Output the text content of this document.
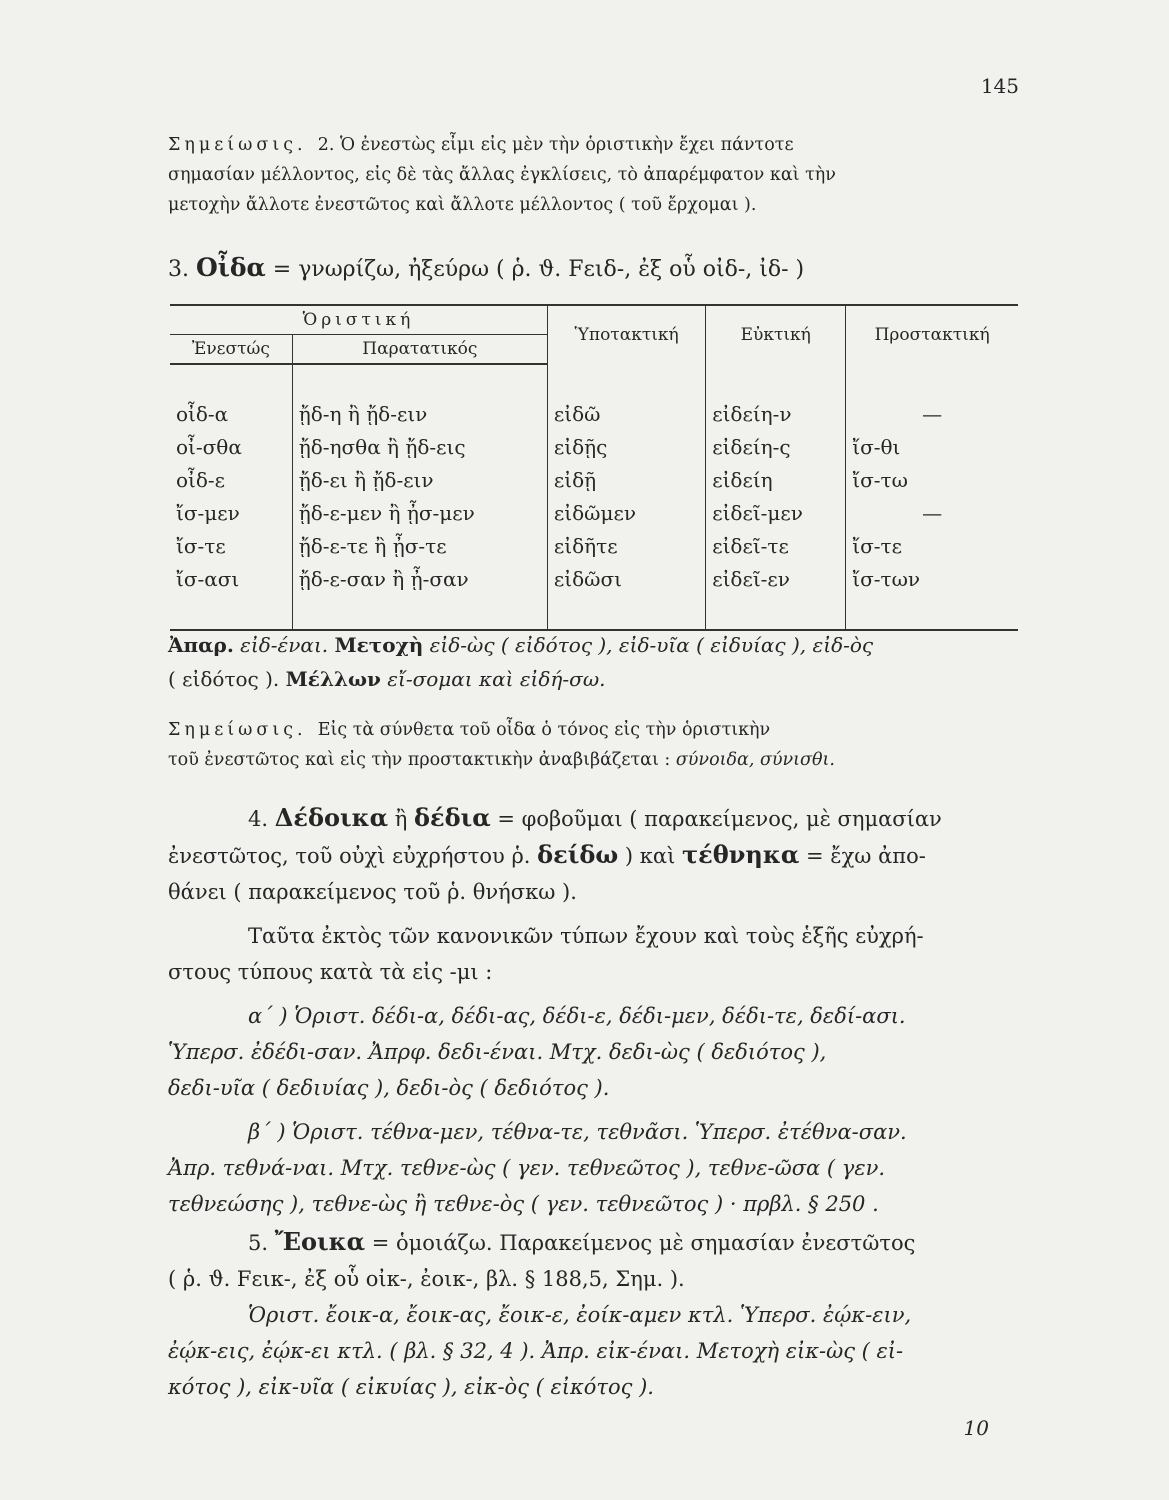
145

Σημείωσις. 2. Ὁ ἐνεστὼς εἶμι εἰς μὲν τὴν ὁριστικὴν ἔχει πάντοτε

σημασίαν μέλλοντος, εἰς δὲ τὰς ἄλλας ἐγκλίσεις, τὸ ἀπαρέμφατον καὶ τὴν

μετοχὴν ἄλλοτε ἐνεστῶτος καὶ ἄλλοτε μέλλοντος ( τοῦ ἔρχομαι ).

3. Οἶδα = γνωρίζω, ἠξεύρω ( ῥ. ϑ. Fειδ-, ἐξ οὗ οἰδ-, ἰδ- )
Ὁριστική		Ὑποτακτική	Εὐκτική	Προστακτική
Ἐνεστώς	Παρατατικός			

οἶδ-α	ᾔδ-η ἢ ᾔδ-ειν	εἰδῶ	εἰδείη-ν	—
οἶ-σθα	ᾔδ-ησθα ἢ ᾔδ-εις	εἰδῇς	εἰδείη-ς	ἴσ-θι
οἶδ-ε	ᾔδ-ει ἢ ᾔδ-ειν	εἰδῇ	εἰδείη	ἴσ-τω
ἴσ-μεν	ᾔδ-ε-μεν ἢ ᾖσ-μεν	εἰδῶμεν	εἰδεῖ-μεν	—
ἴσ-τε	ᾔδ-ε-τε ἢ ᾖσ-τε	εἰδῆτε	εἰδεῖ-τε	ἴσ-τε
ἴσ-ασι	ᾔδ-ε-σαν ἢ ᾖ-σαν	εἰδῶσι	εἰδεῖ-εν	ἴσ-των

Ἀπαρ. εἰδ-έναι. Μετοχὴ εἰδ-ὼς ( εἰδότος ), εἰδ-υῖα ( εἰδυίας ), εἰδ-ὸς
( εἰδότος ). Μέλλων εἴ-σομαι καὶ εἰδή-σω.

Σημείωσις. Εἰς τὰ σύνθετα τοῦ οἶδα ὁ τόνος εἰς τὴν ὁριστικὴν

τοῦ ἐνεστῶτος καὶ εἰς τὴν προστακτικὴν ἀναβιβάζεται : σύνοιδα, σύνισθι.

4. Δέδοικα ἢ δέδια = φοβοῦμαι ( παρακείμενος, μὲ σημασίαν

ἐνεστῶτος, τοῦ οὐχὶ εὐχρήστου ῥ. δείδω ) καὶ τέθνηκα = ἔχω ἀπο-

θάνει ( παρακείμενος τοῦ ῥ. θνήσκω ).

Ταῦτα ἐκτὸς τῶν κανονικῶν τύπων ἔχουν καὶ τοὺς ἑξῆς εὐχρή-

στους τύπους κατὰ τὰ εἰς -μι :

α΄ ) Ὁριστ. δέδι-α, δέδι-ας, δέδι-ε, δέδι-μεν, δέδι-τε, δεδί-ασι.

Ὑπερσ. ἐδέδι-σαν. Ἀπρφ. δεδι-έναι. Μτχ. δεδι-ὼς ( δεδιότος ),

δεδι-υῖα ( δεδιυίας ), δεδι-ὸς ( δεδιότος ).

β΄ ) Ὁριστ. τέθνα-μεν, τέθνα-τε, τεθνᾶσι. Ὑπερσ. ἐτέθνα-σαν.

Ἀπρ. τεθνά-ναι. Μτχ. τεθνε-ὼς ( γεν. τεθνεῶτος ), τεθνε-ῶσα ( γεν.

τεθνεώσης ), τεθνε-ὼς ἢ τεθνε-ὸς ( γεν. τεθνεῶτος ) · πρβλ. § 250 .

5. Ἔοικα = ὁμοιάζω. Παρακείμενος μὲ σημασίαν ἐνεστῶτος

( ῥ. ϑ. Fεικ-, ἐξ οὗ οἰκ-, ἐοικ-, βλ. § 188,5, Σημ. ).

Ὁριστ. ἔοικ-α, ἔοικ-ας, ἔοικ-ε, ἐοίκ-αμεν κτλ. Ὑπερσ. ἐῴκ-ειν,

ἐῴκ-εις, ἐῴκ-ει κτλ. ( βλ. § 32, 4 ). Ἀπρ. εἰκ-έναι. Μετοχὴ εἰκ-ὼς ( εἰ-

κότος ), εἰκ-υῖα ( εἰκυίας ), εἰκ-ὸς ( εἰκότος ).

10
